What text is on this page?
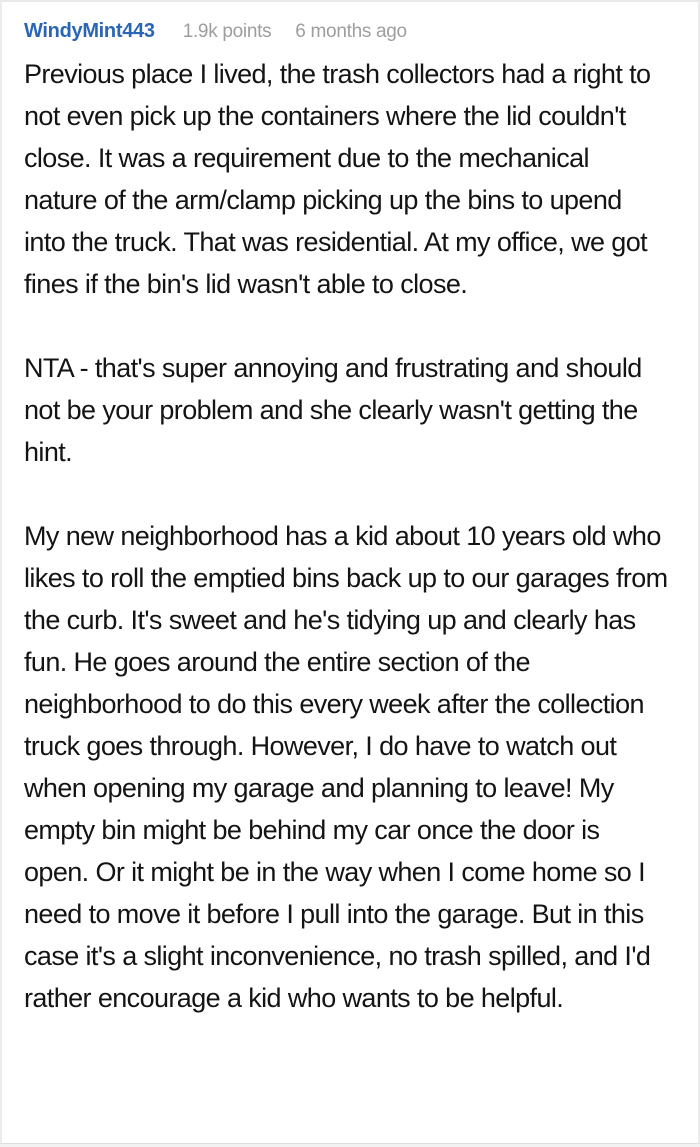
WindyMint443 1.9k points 6 months ago

Previous place I lived, the trash collectors had a right to not even pick up the containers where the lid couldn't close. It was a requirement due to the mechanical nature of the arm/clamp picking up the bins to upend into the truck. That was residential. At my office, we got fines if the bin's lid wasn't able to close.

NTA - that's super annoying and frustrating and should not be your problem and she clearly wasn't getting the hint.

My new neighborhood has a kid about 10 years old who likes to roll the emptied bins back up to our garages from the curb. It's sweet and he's tidying up and clearly has fun. He goes around the entire section of the neighborhood to do this every week after the collection truck goes through. However, I do have to watch out when opening my garage and planning to leave! My empty bin might be behind my car once the door is open. Or it might be in the way when I come home so I need to move it before I pull into the garage. But in this case it's a slight inconvenience, no trash spilled, and I'd rather encourage a kid who wants to be helpful.
